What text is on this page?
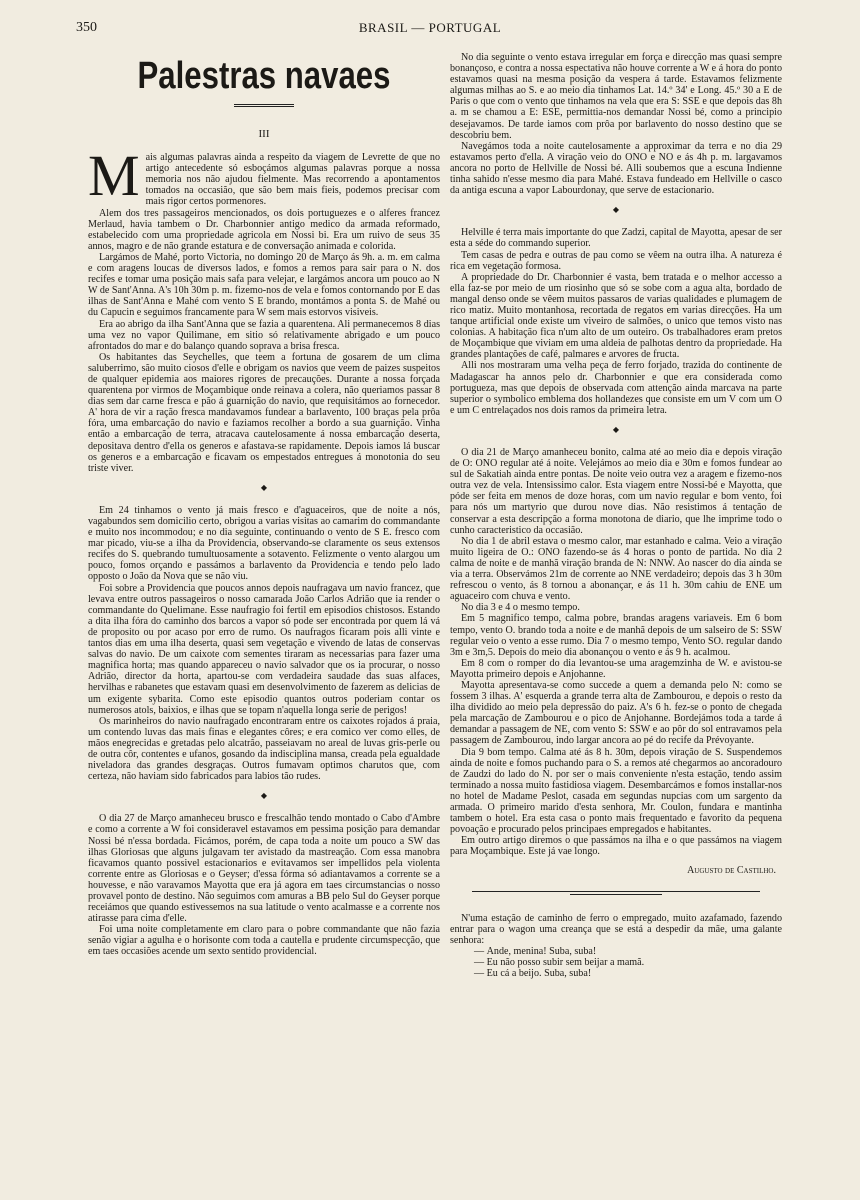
350	BRASIL — PORTUGAL
Palestras navaes
III

Mais algumas palavras ainda a respeito da viagem de Levrette de que no artigo antecedente só esboçámos algumas palavras porque a nossa memoria nos não ajudou fielmente. Mas recorrendo a apontamentos tomados na occasião, que são bem mais fieis, podemos precisar com mais rigor certos pormenores.

Alem dos tres passageiros mencionados, os dois portuguezes e o alferes francez Merlaud, havia tambem o Dr. Charbonnier antigo medico da armada reformado, estabelecido com uma propriedade agricola em Nossi bi. Era um ruivo de seus 35 annos, magro e de não grande estatura e de conversação animada e colorida.

Largámos de Mahé, porto Victoria, no domingo 20 de Março ás 9h. a. m. em calma e com aragens loucas de diversos lados, e fomos a remos para sair para o N. dos recifes e tomar uma posição mais safa para velejar, e largámos ancora um pouco ao N W de Sant'Anna. A's 10h 30m p. m. fizemo-nos de vela e fomos contornando por E das ilhas de Sant'Anna e Mahé com vento S E brando, montámos a ponta S. de Mahé ou du Capucin e seguimos francamente para W sem mais estorvos visiveis.

Era ao abrigo da ilha Sant'Anna que se fazia a quarentena. Ali permanecemos 8 dias uma vez no vapor Quilimane, em sitio só relativamente abrigado e um pouco afrontados do mar e do balanço quando soprava a brisa fresca.

Os habitantes das Seychelles, que teem a fortuna de gosarem de um clima saluberrimo, são muito ciosos d'elle e obrigam os navios que veem de paizes suspeitos de qualquer epidemia aos maiores rigores de precauções. Durante a nossa forçada quarentena por virmos de Moçambique onde reinava a colera, não queriamos passar 8 dias sem dar carne fresca e pão á guarnição do navio, que requisitámos ao fornecedor. A' hora de vir a ração fresca mandavamos fundear a barlavento, 100 braças pela prôa fóra, uma embarcação do navio e faziamos recolher a bordo a sua guarnição. Vinha então a embarcação de terra, atracava cautelosamente á nossa embarcação deserta, depositava dentro d'ella os generos e afastava-se rapidamente. Depois iamos lá buscar os generos e a embarcação e ficavam os empestados entregues á monotonia do seu triste viver.

◆

Em 24 tinhamos o vento já mais fresco e d'aguaceiros, que de noite a nós, vagabundos sem domicilio certo, obrigou a varias visitas ao camarim do commandante e muito nos incommodou; e no dia seguinte, continuando o vento de S E. fresco com mar picado, viu-se a ilha da Providencia, observando-se claramente os seus extensos recifes do S. quebrando tumultuosamente a sotavento. Felizmente o vento alargou um pouco, fomos orçando e passámos a barlavento da Providencia e tendo pelo lado opposto o João da Nova que se não viu.

Foi sobre a Providencia que poucos annos depois naufragava um navio francez, que levava entre outros passageiros o nosso camarada João Carlos Adrião que ia render o commandante do Quelimane. Esse naufragio foi fertil em episodios chistosos. Estando a dita ilha fóra do caminho dos barcos a vapor só pode ser encontrada por quem lá vá de proposito ou por acaso por erro de rumo. Os naufragos ficaram pois alli vinte e tantos dias em uma ilha deserta, quasi sem vegetação e vivendo de latas de conservas salvas do navio. De um caixote com sementes tiraram as necessarias para fazer uma magnifica horta; mas quando appareceu o navio salvador que os ia procurar, o nosso Adrião, director da horta, apartou-se com verdadeira saudade das suas alfaces, hervilhas e rabanetes que estavam quasi em desenvolvimento de fazerem as delicias de um exigente sybarita. Como este episodio quantos outros poderiam contar os numerosos atols, baixios, e ilhas que se topam n'aquella longa serie de perigos!

Os marinheiros do navio naufragado encontraram entre os caixotes rojados á praia, um contendo luvas das mais finas e elegantes côres; e era comico ver como elles, de mãos enegrecidas e gretadas pelo alcatrão, passeiavam no areal de luvas gris-perle ou de outra côr, contentes e ufanos, gosando da indisciplina mansa, creada pela egualdade niveladora das grandes desgraças. Outros fumavam optimos charutos que, com certeza, não haviam sido fabricados para labios tão rudes.

◆

O dia 27 de Março amanheceu brusco e frescalhão tendo montado o Cabo d'Ambre e como a corrente a W foi consideravel estavamos em pessima posição para demandar Nossi bé n'essa bordada. Ficámos, porém, de capa toda a noite um pouco a SW das ilhas Gloriosas que alguns julgavam ter avistado da mastreação. Com essa manobra ficavamos quanto possivel estacionarios e evitavamos ser impellidos pela violenta corrente entre as Gloriosas e o Geyser; d'essa fórma só adiantavamos a corrente se a houvesse, e não varavamos Mayotta que era já agora em taes circumstancias o nosso provavel ponto de destino. Não seguimos com amuras a BB pelo Sul do Geyser porque receiámos que quando estivessemos na sua latitude o vento acalmasse e a corrente nos atirasse para cima d'elle.

Foi uma noite completamente em claro para o pobre commandante que não fazia senão vigiar a agulha e o horisonte com toda a cautella e prudente circumspecção, que em taes occasiões acende um sexto sentido providencial.

No dia seguinte o vento estava irregular em força e direcção mas quasi sempre bonançoso, e contra a nossa espectativa não houve corrente a W e á hora do ponto estavamos quasi na mesma posição da vespera á tarde. Estavamos felizmente algumas milhas ao S. e ao meio dia tinhamos Lat. 14.º 34' e Long. 45.º 30 a E de Paris o que com o vento que tinhamos na vela que era S: SSE e que depois das 8h a. m se chamou a E: ESE, permittia-nos demandar Nossi bé, como a principio desejavamos. De tarde iamos com prôa por barlavento do nosso destino que se descobriu bem.

Navegámos toda a noite cautelosamente a approximar da terra e no dia 29 estavamos perto d'ella. A viração veio do ONO e NO e ás 4h p. m. largavamos ancora no porto de Hellville de Nossi bé. Alli soubemos que a escuna Indienne tinha sahido n'esse mesmo dia para Mahé. Estava fundeado em Hellville o casco da antiga escuna a vapor Labourdonay, que serve de estacionario.

◆

Helville é terra mais importante do que Zadzi, capital de Mayotta, apesar de ser esta a séde do commando superior.

Tem casas de pedra e outras de pau como se vêem na outra ilha. A natureza é rica em vegetação formosa.

A propriedade do Dr. Charbonnier é vasta, bem tratada e o melhor accesso a ella faz-se por meio de um riosinho que só se sobe com a agua alta, bordado de mangal denso onde se vêem muitos passaros de varias qualidades e plumagem de rico matiz. Muito montanhosa, recortada de regatos em varias direcções. Ha um tanque artificial onde existe um viveiro de salmões, o unico que temos visto nas colonias. A habitação fica n'um alto de um outeiro. Os trabalhadores eram pretos de Moçambique que viviam em uma aldeia de palhotas dentro da propriedade. Ha grandes plantações de café, palmares e arvores de fructa.

Alli nos mostraram uma velha peça de ferro forjado, trazida do continente de Madagascar ha annos pelo dr. Charbonnier e que era considerada como portugueza, mas que depois de observada com attenção ainda marcava na parte superior o symbolico emblema dos hollandezes que consiste em um V com um O e um C entrelaçados nos dois ramos da primeira letra.

◆

O dia 21 de Março amanheceu bonito, calma até ao meio dia e depois viração de O: ONO regular até á noite. Velejámos ao meio dia e 30m e fomos fundear ao sul de Sakatiah ainda entre pontas. De noite veio outra vez a aragem e fizemo-nos outra vez de vela. Intensissimo calor. Esta viagem entre Nossi-bé e Mayotta, que póde ser feita em menos de doze horas, com um navio regular e bom vento, foi para nós um martyrio que durou nove dias. Não resistimos á tentação de conservar a esta descripção a forma monotona de diario, que lhe imprime todo o cunho caracteristico da occasião.

No dia 1 de abril estava o mesmo calor, mar estanhado e calma. Veio a viração muito ligeira de O.: ONO fazendo-se ás 4 horas o ponto de partida. No dia 2 calma de noite e de manhã viração branda de N: NNW. Ao nascer do dia ainda se via a terra. Observámos 21m de corrente ao NNE verdadeiro; depois das 3 h 30m refrescou o vento, ás 8 tornou a abonançar, e ás 11 h. 30m cahiu de ENE um aguaceiro com chuva e vento.

No dia 3 e 4 o mesmo tempo.

Em 5 magnifico tempo, calma pobre, brandas aragens variaveis. Em 6 bom tempo, vento O. brando toda a noite e de manhã depois de um salseiro de S: SSW regular veio o vento a esse rumo. Dia 7 o mesmo tempo, Vento SO. regular dando 3m e 3m,5. Depois do meio dia abonançou o vento e ás 9 h. acalmou.

Em 8 com o romper do dia levantou-se uma aragemzinha de W. e avistou-se Mayotta primeiro depois e Anjohanne.

Mayotta apresentava-se como succede a quem a demanda pelo N: como se fossem 3 ilhas. A' esquerda a grande terra alta de Zambourou, e depois o resto da ilha dividido ao meio pela depressão do paiz. A's 6 h. fez-se o ponto de chegada pela marcação de Zambourou e o pico de Anjohanne. Bordejámos toda a tarde á demandar a passagem de NE, com vento S: SSW e ao pôr do sol entravamos pela passagem de Zambourou, indo largar ancora ao pé do recife da Prévoyante.

Dia 9 bom tempo. Calma até ás 8 h. 30m, depois viração de S. Suspendemos ainda de noite e fomos puchando para o S. a remos até chegarmos ao ancoradouro de Zaudzi do lado do N. por ser o mais conveniente n'esta estação, tendo assim terminado a nossa muito fastidiosa viagem. Desembarcámos e fomos installar-nos no hotel de Madame Peslot, casada em segundas nupcias com um sargento da armada. O primeiro marido d'esta senhora, Mr. Coulon, fundara e mantinha tambem o hotel. Era esta casa o ponto mais frequentado e favorito da pequena povoação e procurado pelos principaes empregados e habitantes.

Em outro artigo diremos o que passámos na ilha e o que passámos na viagem para Moçambique. Este já vae longo.

Augusto de Castilho.

N'uma estação de caminho de ferro o empregado, muito azafamado, fazendo entrar para o wagon uma creança que se está a despedir da mãe, uma galante senhora:

— Ande, menina! Suba, suba!

— Eu não posso subir sem beijar a mamã.

— Eu cá a beijo. Suba, suba!
